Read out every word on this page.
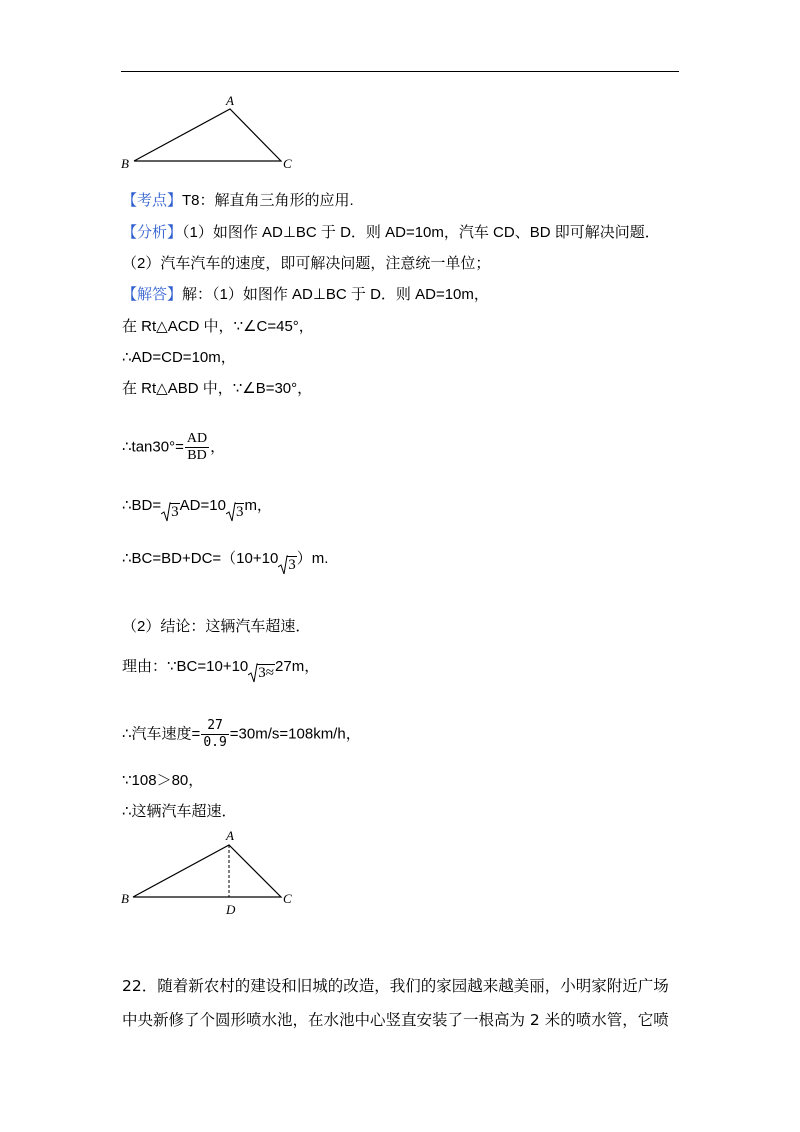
A
B	C
【考点】T8：解直角三角形的应用.
【分析】（1）如图作 AD⊥BC 于 D．则 AD=10m，汽车 CD、BD 即可解决问题．
（2）汽车汽车的速度，即可解决问题，注意统一单位；
【解答】解：（1）如图作 AD⊥BC 于 D．则 AD=10m，
在 Rt△ACD 中，∵∠C=45°，
∴AD=CD=10m，
在 Rt△ABD 中，∵∠B=30°，
∴tan30°= $\frac{AD}{BD}$ ，
∴BD= 3AD=10 3m，
∴BC=BD+DC=（10+10 3）m.
（2）结论：这辆汽车超速．
理由：∵BC=10+10 3≈27m，
∴汽车速度= $\frac{27}{0.9} =30m/s=108km/h$，
∵108＞80，
∴这辆汽车超速．
A
B	C
D
22．随着新农村的建设和旧城的改造，我们的家园越来越美丽，小明家附近广场
中央新修了个圆形喷水池，在水池中心竖直安装了一根高为 2 米的喷水管，它喷
